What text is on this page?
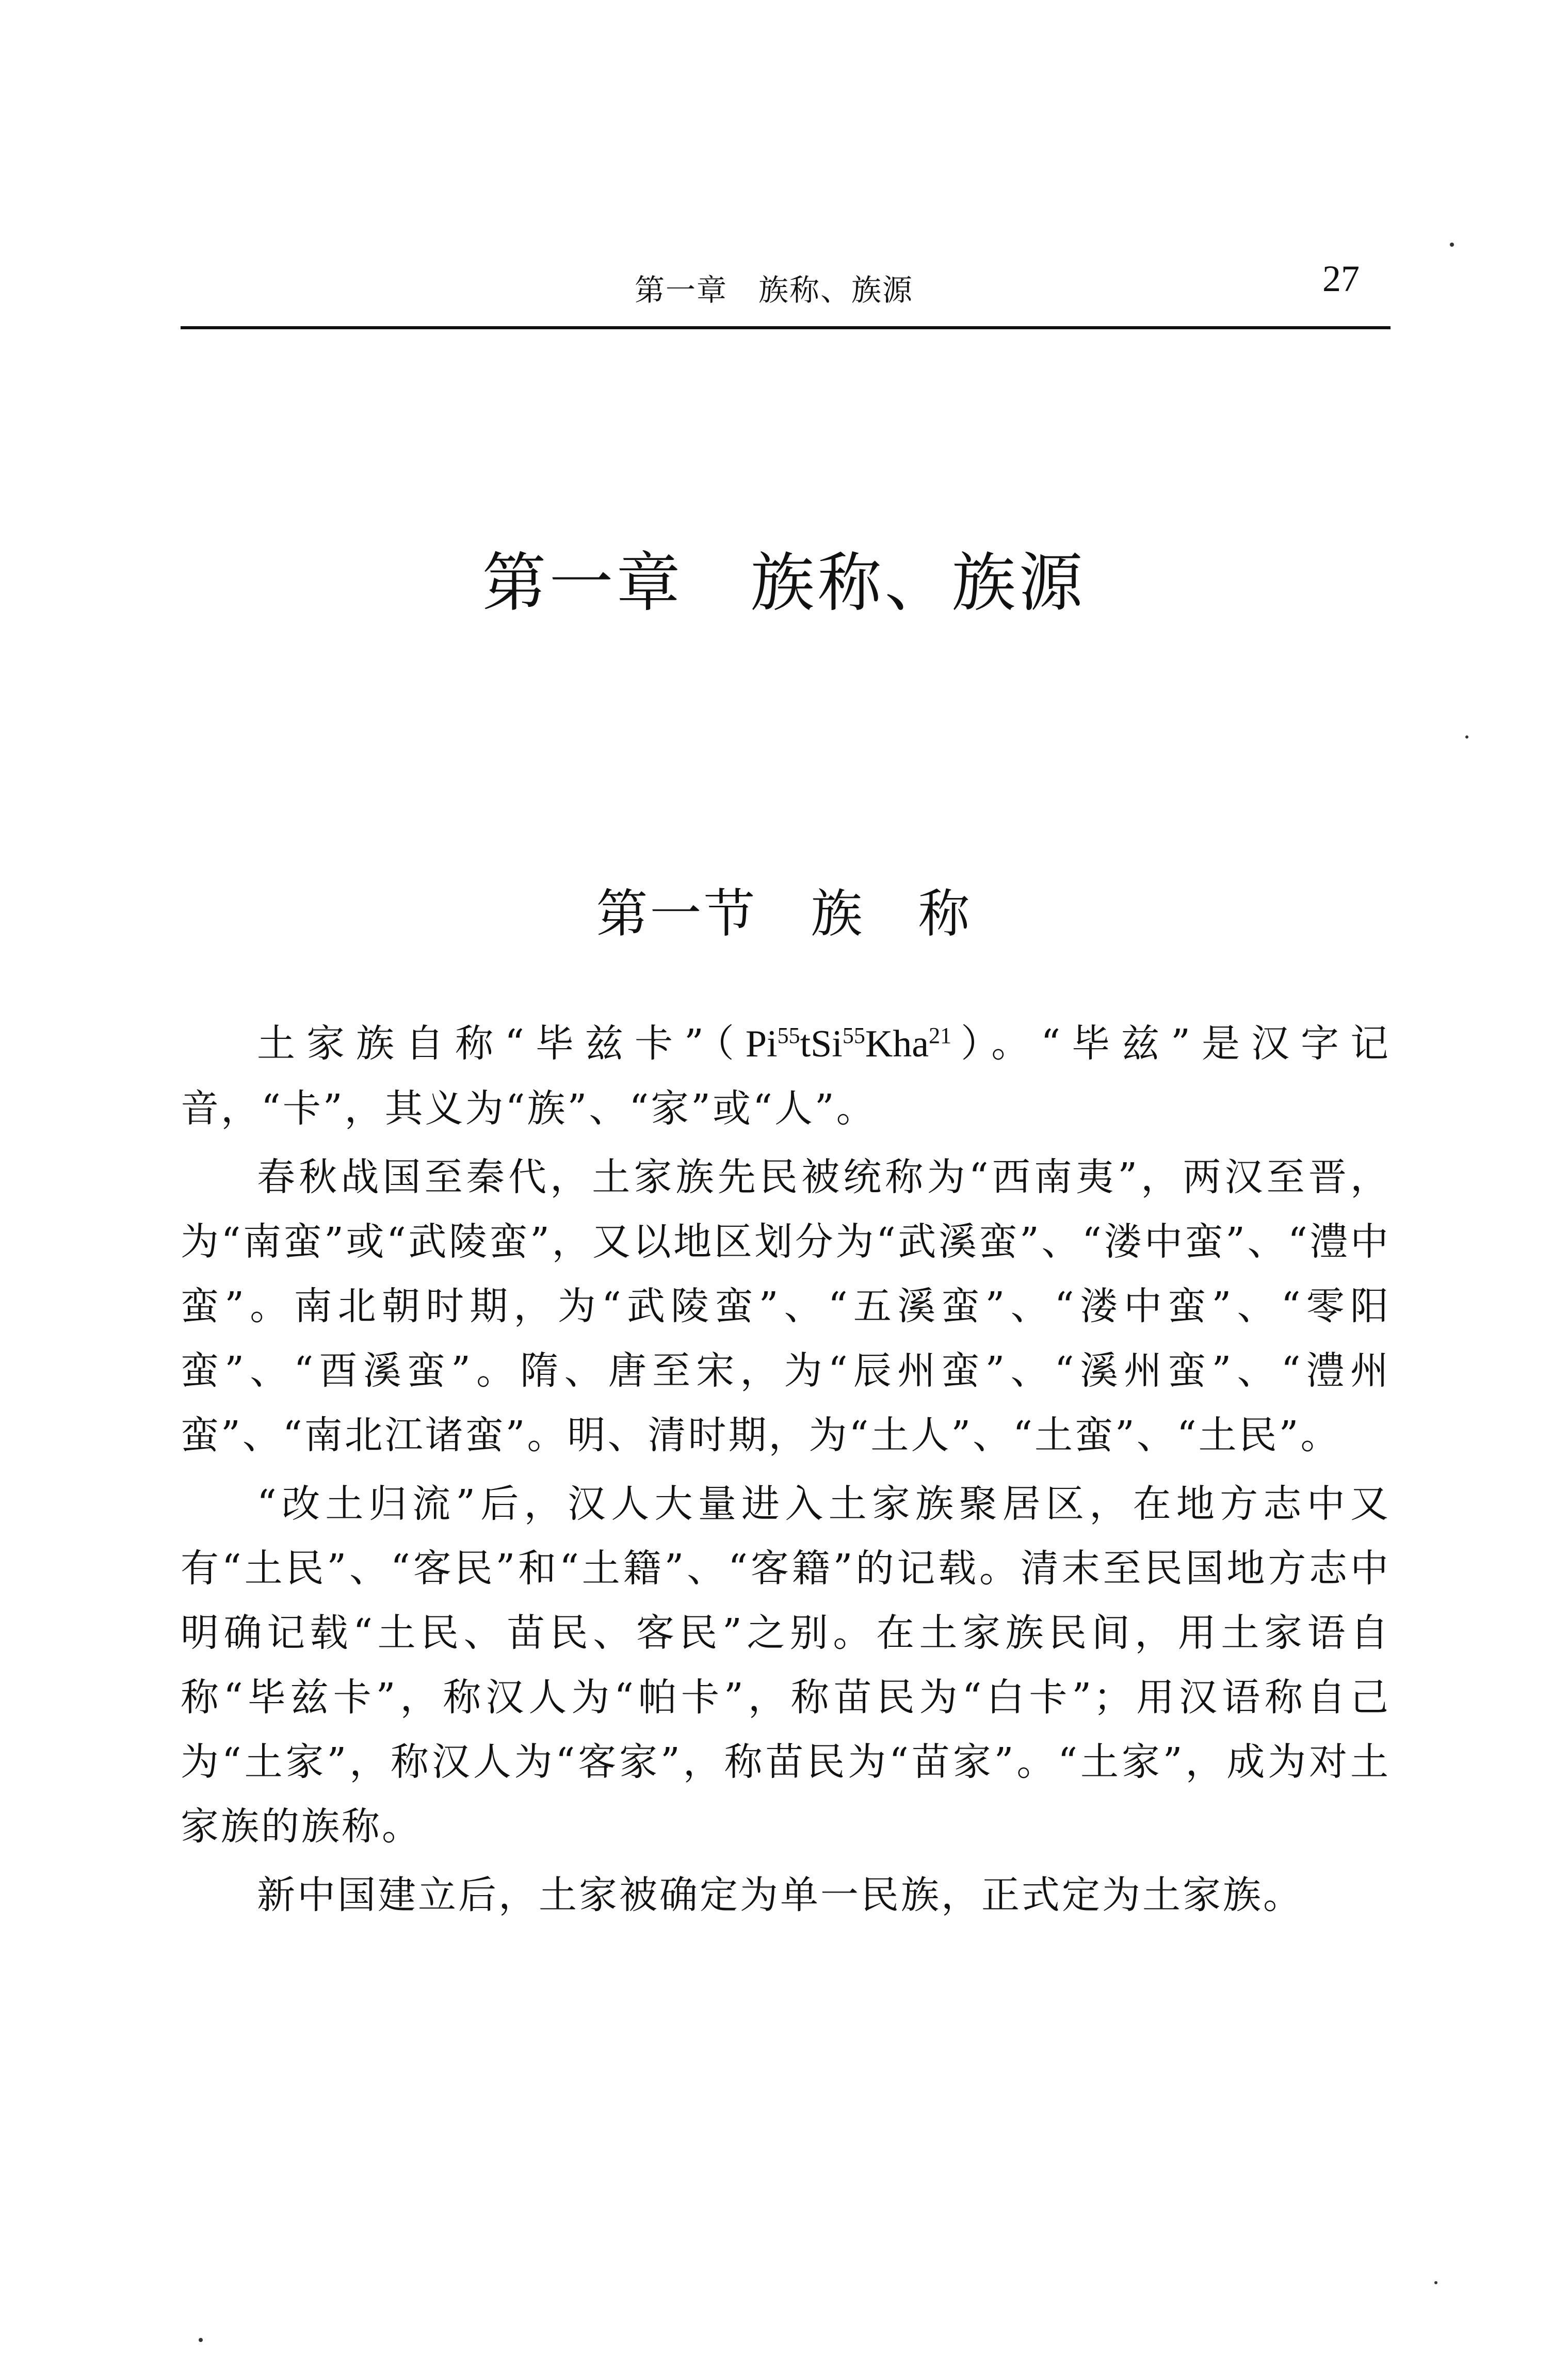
第一章　族称、族源	27
第一章　族称、族源
第一节　族　称

土家族自称“毕兹卡”（Pi$^{55}$tSi$^{55}$Kha$^{21}$）。“毕兹”是汉字记音，“卡”，其义为“族”、“家”或“人”。

春秋战国至秦代，土家族先民被统称为“西南夷”，两汉至晋，为“南蛮”或“武陵蛮”，又以地区划分为“武溪蛮”、“溇中蛮”、“澧中蛮”。南北朝时期，为“武陵蛮”、“五溪蛮”、“溇中蛮”、“零阳蛮”、“酉溪蛮”。隋、唐至宋，为“辰州蛮”、“溪州蛮”、“澧州蛮”、“南北江诸蛮”。明、清时期，为“土人”、“土蛮”、“土民”。

“改土归流”后，汉人大量进入土家族聚居区，在地方志中又有“土民”、“客民”和“土籍”、“客籍”的记载。清末至民国地方志中明确记载“土民、苗民、客民”之别。在土家族民间，用土家语自称“毕兹卡”，称汉人为“帕卡”，称苗民为“白卡”；用汉语称自己为“土家”，称汉人为“客家”，称苗民为“苗家”。“土家”，成为对土家族的族称。

新中国建立后，土家被确定为单一民族，正式定为土家族。
